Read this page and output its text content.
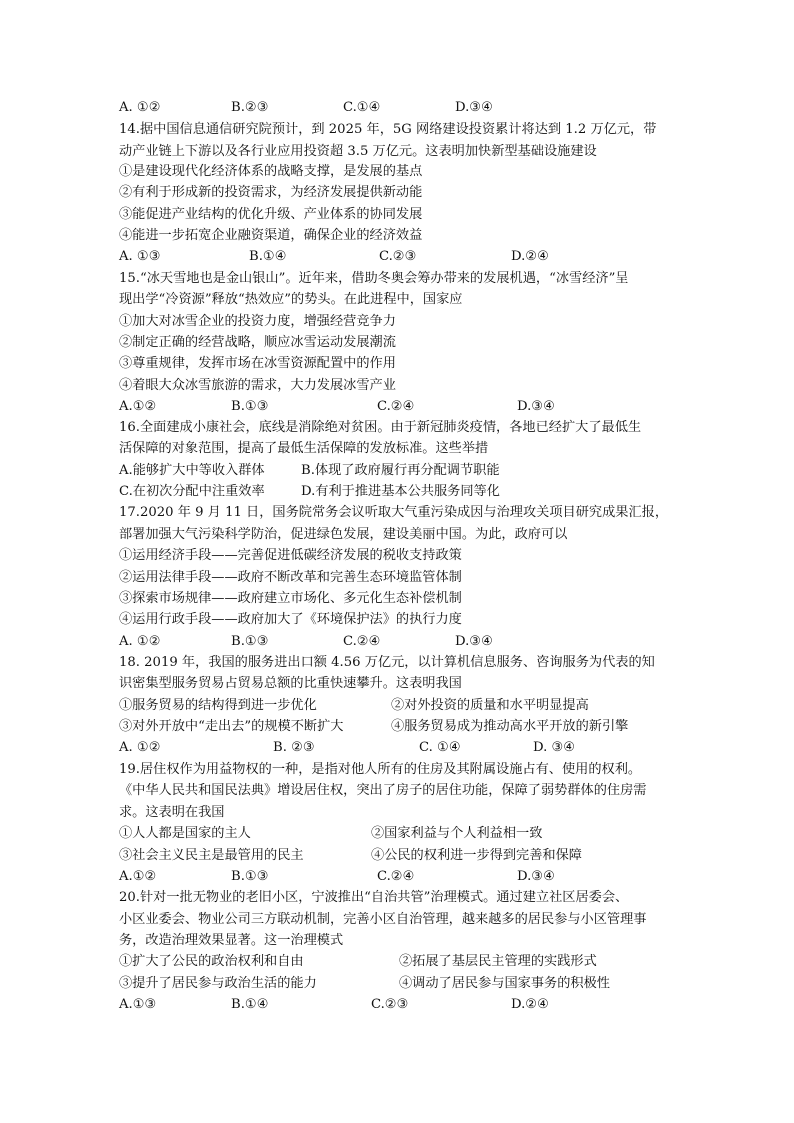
A. ①②	B.②③	C.①④	D.③④
14.据中国信息通信研究院预计，到 2025 年，5G 网络建设投资累计将达到 1.2 万亿元，带
动产业链上下游以及各行业应用投资超 3.5 万亿元。这表明加快新型基础设施建设
①是建设现代化经济体系的战略支撑，是发展的基点
②有利于形成新的投资需求，为经济发展提供新动能
③能促进产业结构的优化升级、产业体系的协同发展
④能进一步拓宽企业融资渠道，确保企业的经济效益
A. ①③	B.①④	C.②③	D.②④
15.“冰天雪地也是金山银山”。近年来，借助冬奥会筹办带来的发展机遇，“冰雪经济”呈
现出学“冷资源”释放“热效应”的势头。在此进程中，国家应
①加大对冰雪企业的投资力度，增强经营竞争力
②制定正确的经营战略，顺应冰雪运动发展潮流
③尊重规律，发挥市场在冰雪资源配置中的作用
④着眼大众冰雪旅游的需求，大力发展冰雪产业
A.①②	B.①③	C.②④	D.③④
16.全面建成小康社会，底线是消除绝对贫困。由于新冠肺炎疫情，各地已经扩大了最低生
活保障的对象范围，提高了最低生活保障的发放标准。这些举措
A.能够扩大中等收入群体	B.体现了政府履行再分配调节职能
C.在初次分配中注重效率	D.有利于推进基本公共服务同等化
17.2020 年 9 月 11 日，国务院常务会议听取大气重污染成因与治理攻关项目研究成果汇报，
部署加强大气污染科学防治，促进绿色发展，建设美丽中国。为此，政府可以
①运用经济手段——完善促进低碳经济发展的税收支持政策
②运用法律手段——政府不断改革和完善生态环境监管体制
③探索市场规律——政府建立市场化、多元化生态补偿机制
④运用行政手段——政府加大了《环境保护法》的执行力度
A. ①②	B.①③	C.②④	D.③④
18. 2019 年，我国的服务进出口额 4.56 万亿元，以计算机信息服务、咨询服务为代表的知
识密集型服务贸易占贸易总额的比重快速攀升。这表明我国
①服务贸易的结构得到进一步优化	②对外投资的质量和水平明显提高
③对外开放中“走出去”的规模不断扩大	④服务贸易成为推动高水平开放的新引擎
A. ①②	B. ②③	C. ①④	D. ③④
19.居住权作为用益物权的一种，是指对他人所有的住房及其附属设施占有、使用的权利。
《中华人民共和国民法典》增设居住权，突出了房子的居住功能，保障了弱势群体的住房需
求。这表明在我国
①人人都是国家的主人	②国家利益与个人利益相一致
③社会主义民主是最管用的民主	④公民的权利进一步得到完善和保障
A.①②	B.①③	C.②④	D.③④
20.针对一批无物业的老旧小区，宁波推出“自治共管”治理模式。通过建立社区居委会、
小区业委会、物业公司三方联动机制，完善小区自治管理，越来越多的居民参与小区管理事
务，改造治理效果显著。这一治理模式
①扩大了公民的政治权利和自由	②拓展了基层民主管理的实践形式
③提升了居民参与政治生活的能力	④调动了居民参与国家事务的积极性
A.①③	B.①④	C.②③	D.②④
